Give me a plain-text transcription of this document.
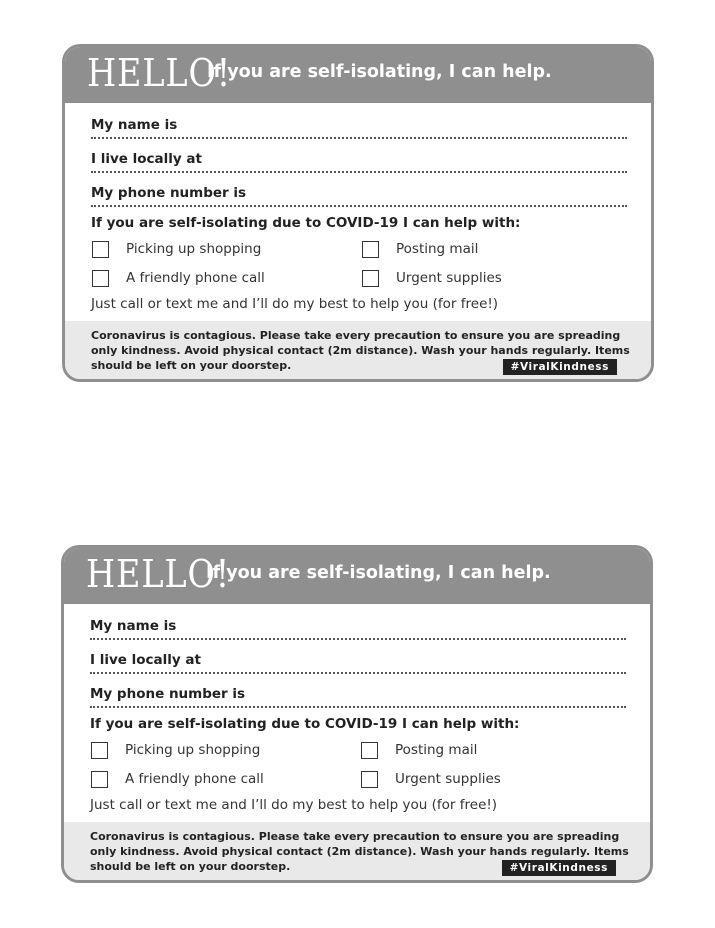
HELLO!
If you are self-isolating, I can help.
My name is
I live locally at
My phone number is
If you are self-isolating due to COVID-19 I can help with:
Picking up shopping	Posting mail
A friendly phone call	Urgent supplies
Just call or text me and I’ll do my best to help you (for free!)
Coronavirus is contagious. Please take every precaution to ensure you are spreading only kindness. Avoid physical contact (2m distance). Wash your hands regularly. Items should be left on your doorstep.	#ViralKindness
HELLO!
If you are self-isolating, I can help.
My name is
I live locally at
My phone number is
If you are self-isolating due to COVID-19 I can help with:
Picking up shopping	Posting mail
A friendly phone call	Urgent supplies
Just call or text me and I’ll do my best to help you (for free!)
Coronavirus is contagious. Please take every precaution to ensure you are spreading only kindness. Avoid physical contact (2m distance). Wash your hands regularly. Items should be left on your doorstep.	#ViralKindness
